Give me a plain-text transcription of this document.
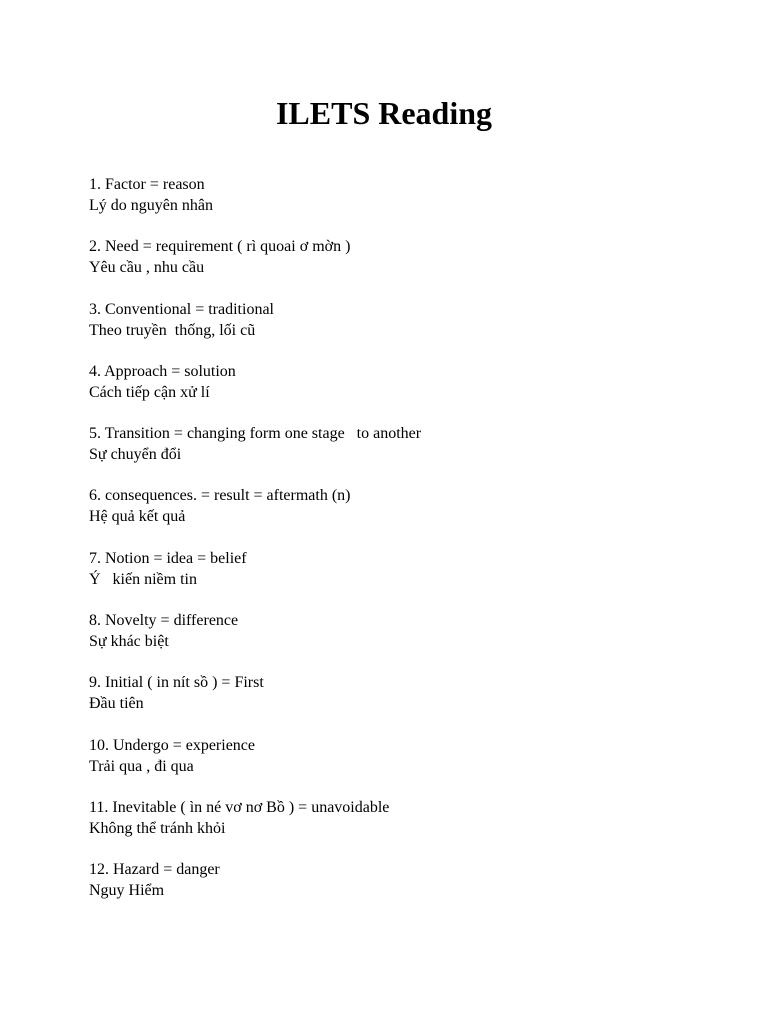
ILETS Reading
1. Factor = reason
Lý do nguyên nhân
2. Need = requirement ( rì quoai ơ mờn )
Yêu cầu , nhu cầu
3. Conventional = traditional
Theo truyền  thống, lối cũ
4. Approach = solution
Cách tiếp cận xử lí
5. Transition = changing form one stage   to another
Sự chuyển đổi
6. consequences. = result = aftermath (n)
Hệ quả kết quả
7. Notion = idea = belief
Ý   kiến niềm tin
8. Novelty = difference
Sự khác biệt
9. Initial ( in nít sồ ) = First
Đầu tiên
10. Undergo = experience
Trải qua , đi qua
11. Inevitable ( ìn né vơ nơ Bồ ) = unavoidable
Không thể tránh khỏi
12. Hazard = danger
Nguy Hiểm
